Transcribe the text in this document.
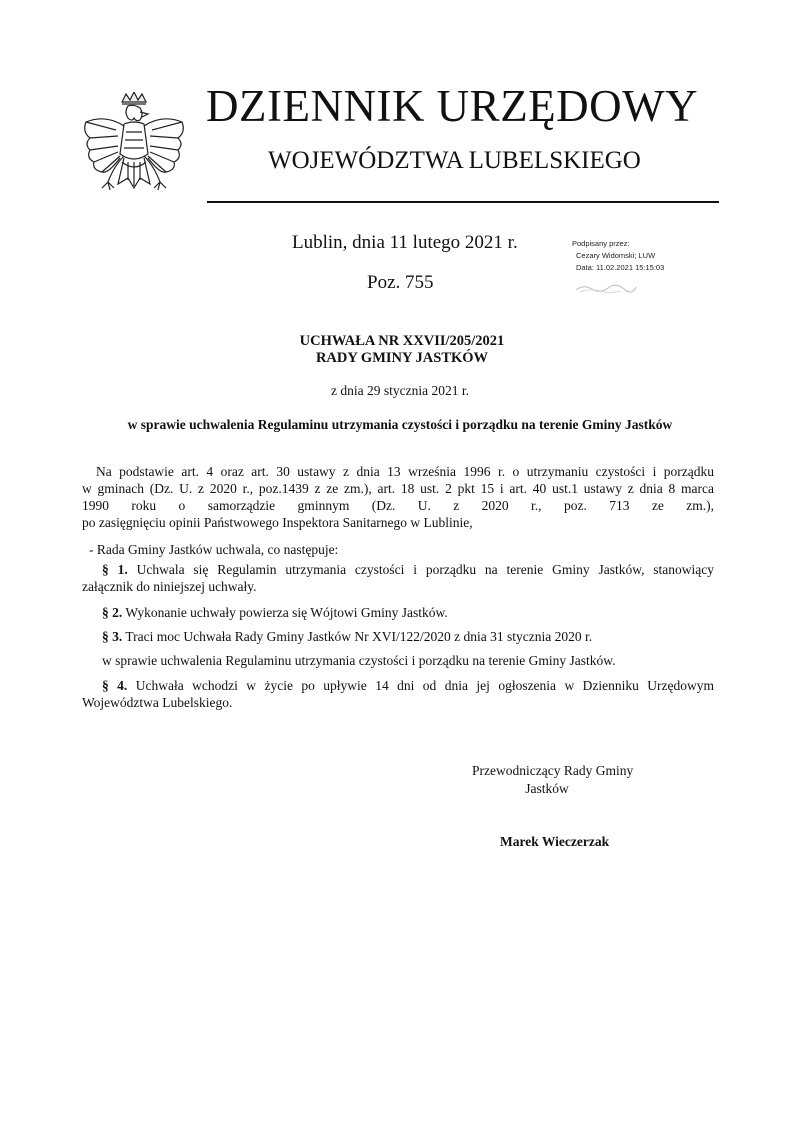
DZIENNIK URZĘDOWY
WOJEWÓDZTWA LUBELSKIEGO
Lublin, dnia 11 lutego 2021 r.
Poz. 755
Podpisany przez:
Cezary Widomski; LUW
Data: 11.02.2021 15:15:03
UCHWAŁA NR XXVII/205/2021
RADY GMINY JASTKÓW
z dnia 29 stycznia 2021 r.
w sprawie uchwalenia Regulaminu utrzymania czystości i porządku na terenie Gminy Jastków
Na podstawie art. 4 oraz art. 30 ustawy z dnia 13 września 1996 r. o utrzymaniu czystości i porządku
w gminach (Dz. U. z 2020 r., poz.1439 z ze zm.), art. 18 ust. 2 pkt 15 i art. 40 ust.1 ustawy z dnia 8 marca
1990 roku o samorządzie gminnym (Dz. U. z 2020 r., poz. 713 ze zm.),
po zasięgnięciu opinii Państwowego Inspektora Sanitarnego w Lublinie,
- Rada Gminy Jastków uchwala, co następuje:
§ 1. Uchwala się Regulamin utrzymania czystości i porządku na terenie Gminy Jastków, stanowiący
załącznik do niniejszej uchwały.
§ 2. Wykonanie uchwały powierza się Wójtowi Gminy Jastków.
§ 3. Traci moc Uchwała Rady Gminy Jastków Nr XVI/122/2020 z dnia 31 stycznia 2020 r.
w sprawie uchwalenia Regulaminu utrzymania czystości i porządku na terenie Gminy Jastków.
§ 4. Uchwała wchodzi w życie po upływie 14 dni od dnia jej ogłoszenia w Dzienniku Urzędowym
Województwa Lubelskiego.
Przewodniczący Rady Gminy
Jastków
Marek Wieczerzak
